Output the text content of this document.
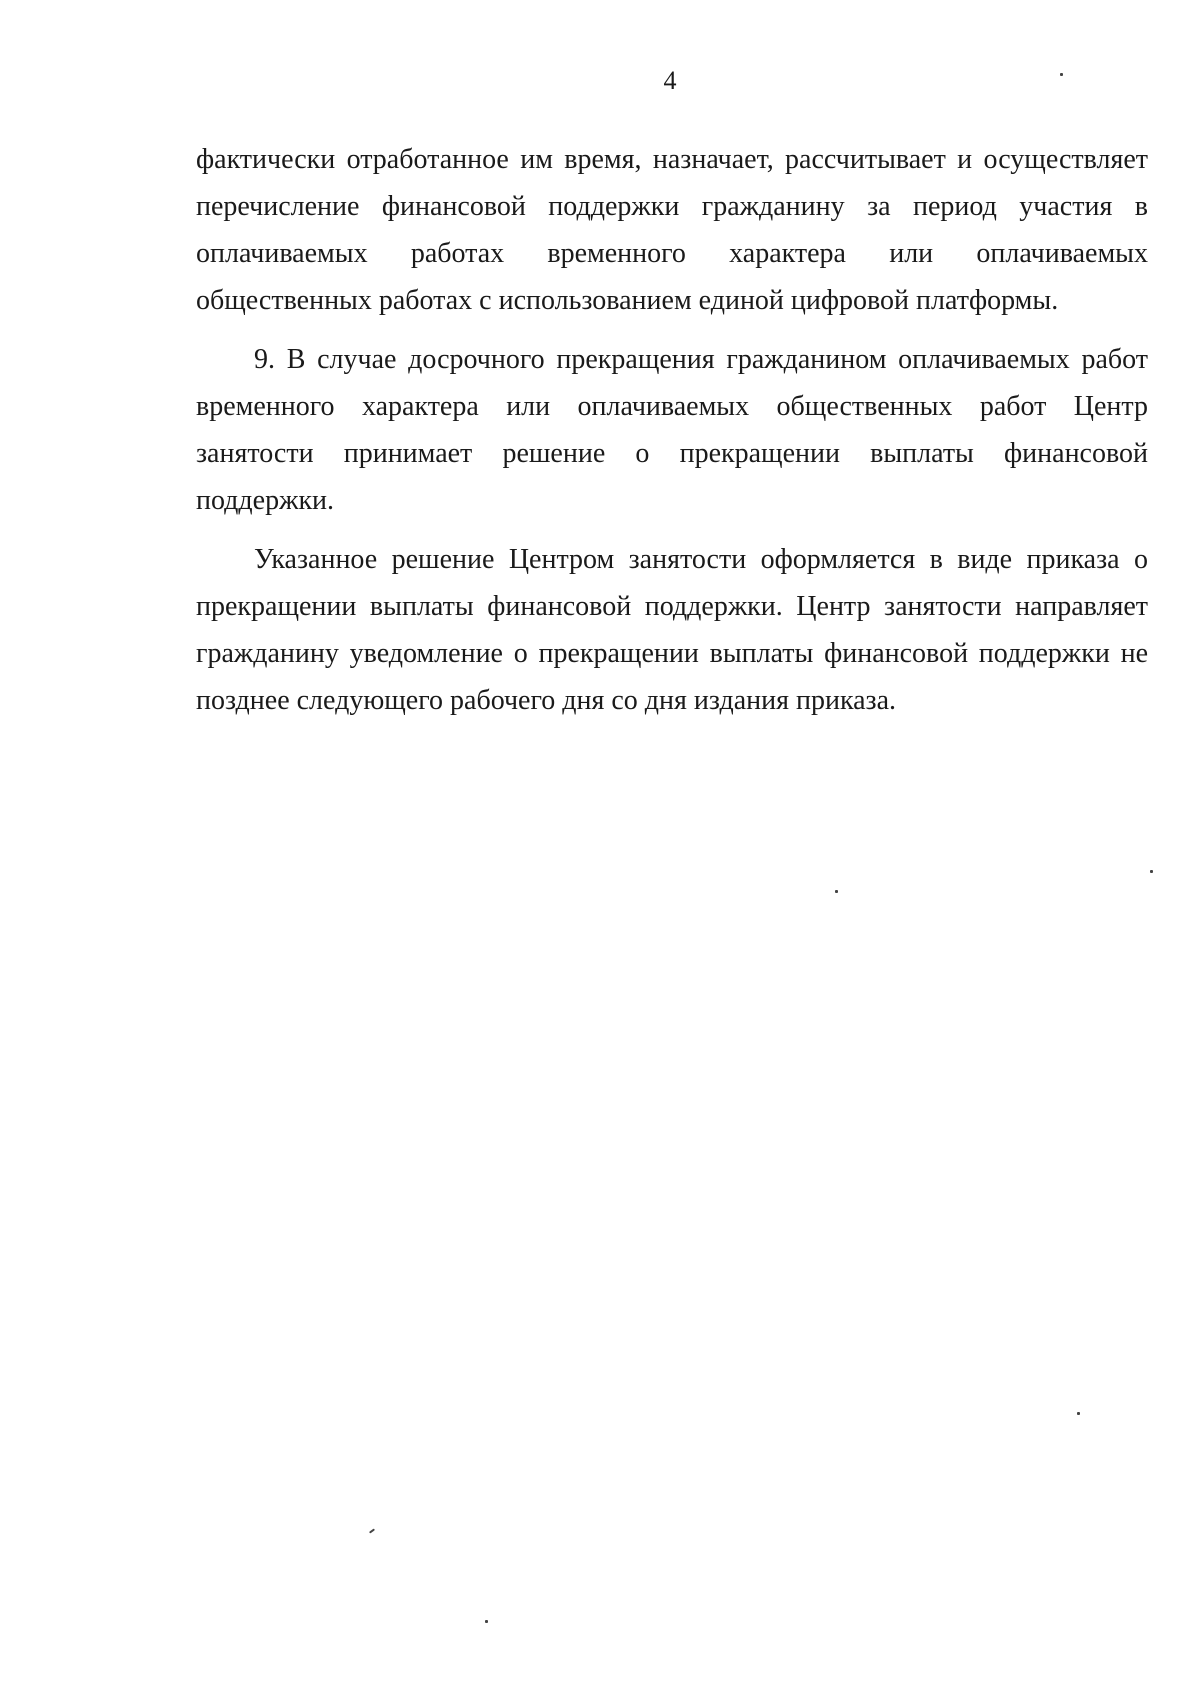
4
фактически отработанное им время, назначает, рассчитывает и осуществляет
перечисление финансовой поддержки гражданину за период участия в
оплачиваемых работах временного характера или оплачиваемых
общественных работах с использованием единой цифровой платформы.
9. В случае досрочного прекращения гражданином оплачиваемых работ
временного характера или оплачиваемых общественных работ Центр
занятости принимает решение о прекращении выплаты финансовой
поддержки.
Указанное решение Центром занятости оформляется в виде приказа о
прекращении выплаты финансовой поддержки. Центр занятости направляет
гражданину уведомление о прекращении выплаты финансовой поддержки не
позднее следующего рабочего дня со дня издания приказа.
